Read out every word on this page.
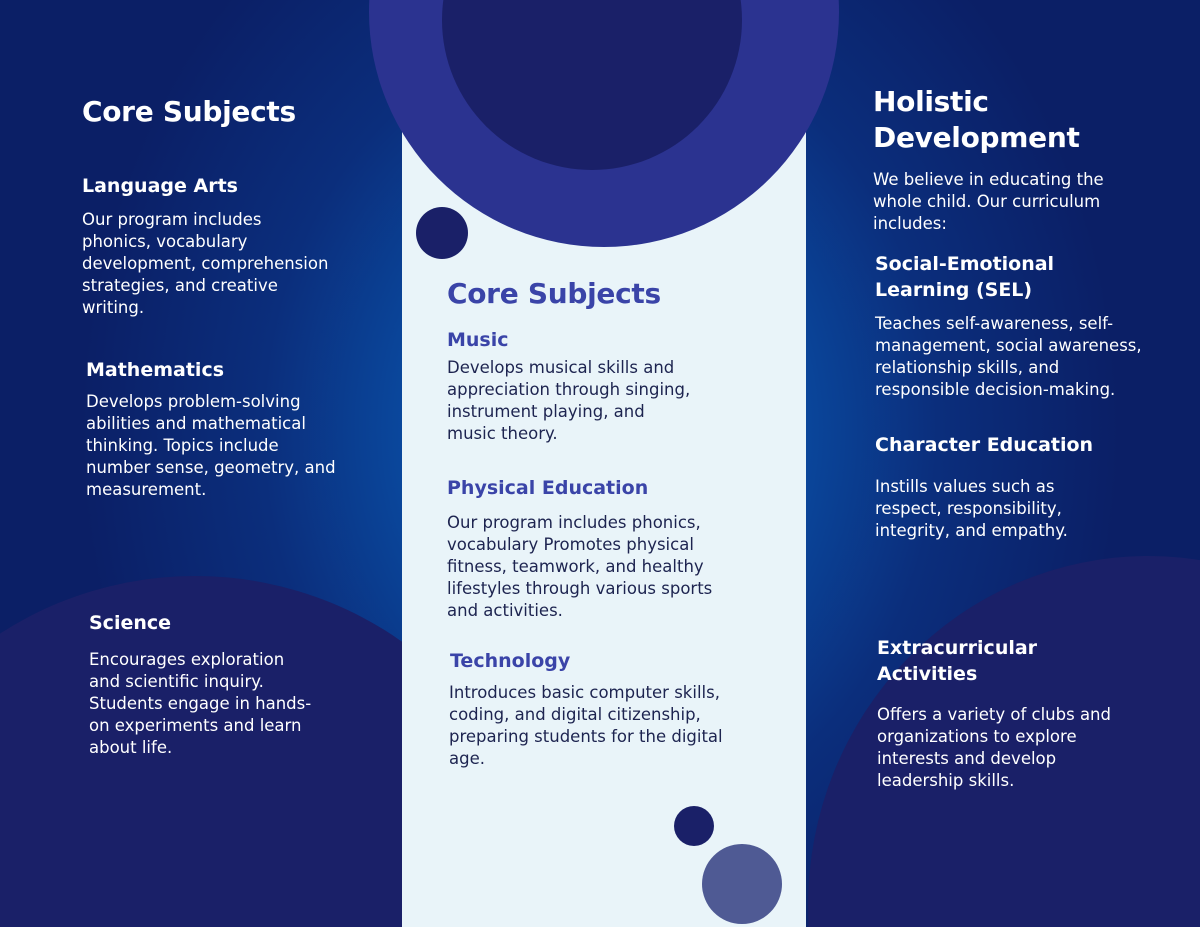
Core Subjects
Language Arts

Our program includes phonics, vocabulary development, comprehension strategies, and creative writing.

Mathematics

Develops problem-solving abilities and mathematical thinking. Topics include number sense, geometry, and measurement.

Science

Encourages exploration and scientific inquiry. Students engage in hands-on experiments and learn about life.

Core Subjects
Music

Develops musical skills and appreciation through singing, instrument playing, and music theory.

Physical Education

Our program includes phonics, vocabulary Promotes physical fitness, teamwork, and healthy lifestyles through various sports and activities.

Technology

Introduces basic computer skills, coding, and digital citizenship, preparing students for the digital age.

Holistic Development

We believe in educating the whole child. Our curriculum includes:

Social-Emotional Learning (SEL)

Teaches self-awareness, self-management, social awareness, relationship skills, and responsible decision-making.

Character Education

Instills values such as respect, responsibility, integrity, and empathy.

Extracurricular Activities

Offers a variety of clubs and organizations to explore interests and develop leadership skills.
